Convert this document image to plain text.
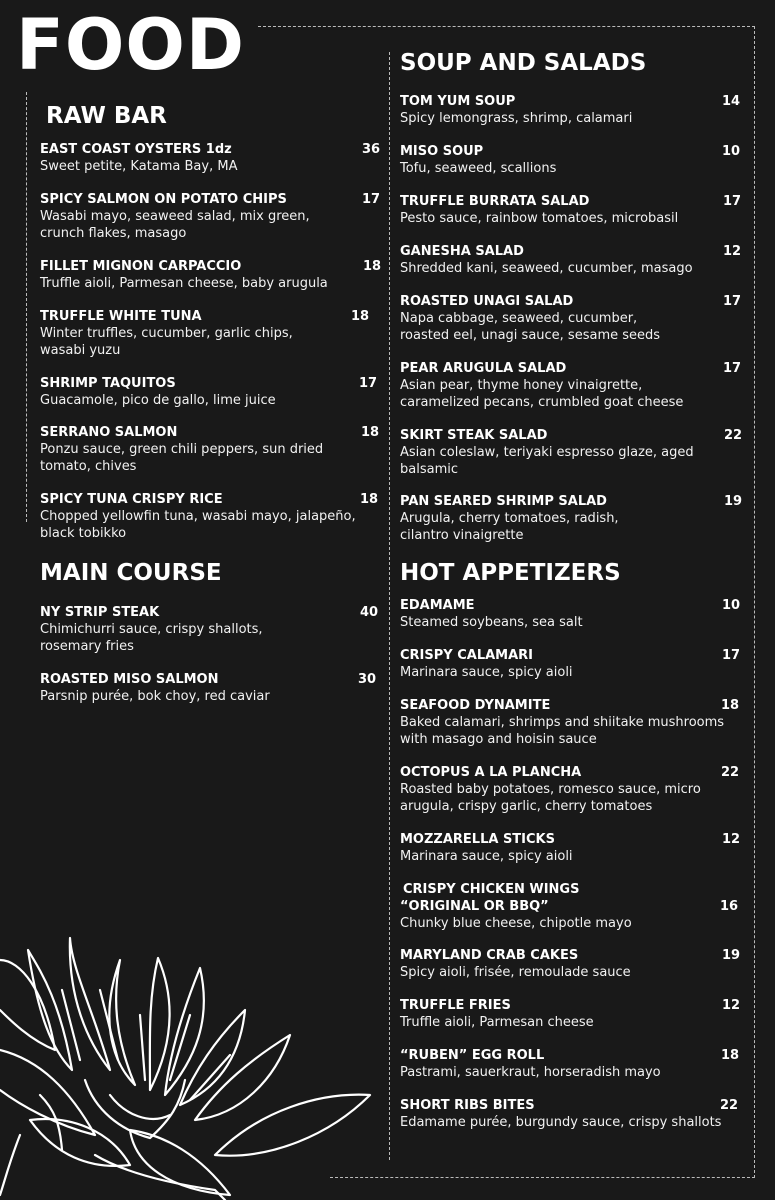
FOOD
RAW BAR
EAST COAST OYSTERS 1dz
Sweet petite, Katama Bay, MA
36
SPICY SALMON ON POTATO CHIPS
Wasabi mayo, seaweed salad, mix green, crunch flakes, masago
17
FILLET MIGNON CARPACCIO
Truffle aioli, Parmesan cheese, baby arugula
18
TRUFFLE WHITE TUNA
Winter truffles, cucumber, garlic chips, wasabi yuzu
18
SHRIMP TAQUITOS
Guacamole, pico de gallo, lime juice
17
SERRANO SALMON
Ponzu sauce, green chili peppers, sun dried tomato, chives
18
SPICY TUNA CRISPY RICE
Chopped yellowfin tuna, wasabi mayo, jalapeño, black tobikko
18
MAIN COURSE
NY STRIP STEAK
Chimichurri sauce, crispy shallots, rosemary fries
40
ROASTED MISO SALMON
Parsnip purée, bok choy, red caviar
30
SOUP AND SALADS
TOM YUM SOUP
Spicy lemongrass, shrimp, calamari
14
MISO SOUP
Tofu, seaweed, scallions
10
TRUFFLE BURRATA SALAD
Pesto sauce, rainbow tomatoes, microbasil
17
GANESHA SALAD
Shredded kani, seaweed, cucumber, masago
12
ROASTED UNAGI SALAD
Napa cabbage, seaweed, cucumber, roasted eel, unagi sauce, sesame seeds
17
PEAR ARUGULA SALAD
Asian pear, thyme honey vinaigrette, caramelized pecans, crumbled goat cheese
17
SKIRT STEAK SALAD
Asian coleslaw, teriyaki espresso glaze, aged balsamic
22
PAN SEARED SHRIMP SALAD
Arugula, cherry tomatoes, radish, cilantro vinaigrette
19
HOT APPETIZERS
EDAMAME
Steamed soybeans, sea salt
10
CRISPY CALAMARI
Marinara sauce, spicy aioli
17
SEAFOOD DYNAMITE
Baked calamari, shrimps and shiitake mushrooms with masago and hoisin sauce
18
OCTOPUS A LA PLANCHA
Roasted baby potatoes, romesco sauce, micro arugula, crispy garlic, cherry tomatoes
22
MOZZARELLA STICKS
Marinara sauce, spicy aioli
12
CRISPY CHICKEN WINGS
“ORIGINAL OR BBQ”
Chunky blue cheese, chipotle mayo
16
MARYLAND CRAB CAKES
Spicy aioli, frisée, remoulade sauce
19
TRUFFLE FRIES
Truffle aioli, Parmesan cheese
12
“RUBEN” EGG ROLL
Pastrami, sauerkraut, horseradish mayo
18
SHORT RIBS BITES
Edamame purée, burgundy sauce, crispy shallots
22
